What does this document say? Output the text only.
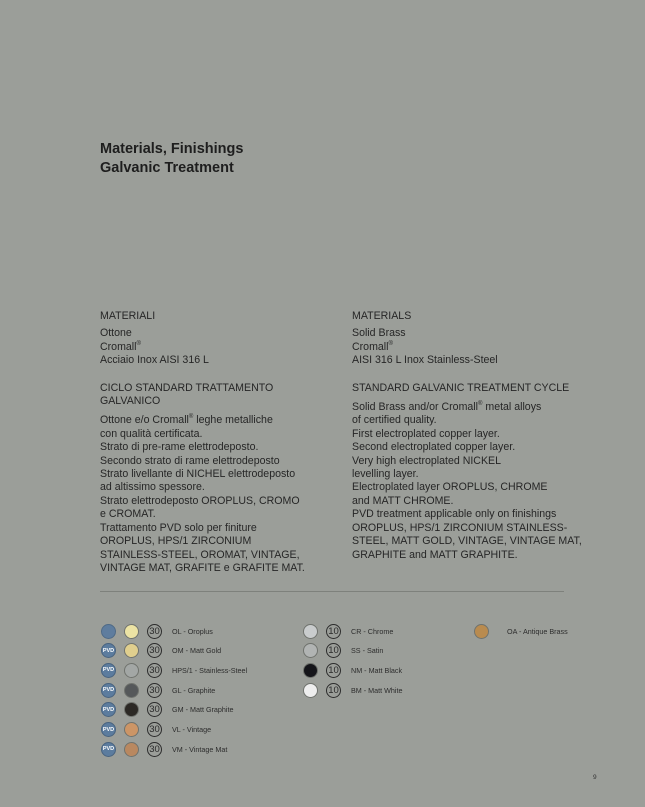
Materials, Finishings
Galvanic Treatment
MATERIALI
Ottone
Cromall®
Acciaio Inox AISI 316 L
CICLO STANDARD TRATTAMENTO GALVANICO
Ottone e/o Cromall® leghe metalliche
con qualità certificata.
Strato di pre-rame elettrodeposto.
Secondo strato di rame elettrodeposto
Strato livellante di NICHEL elettrodeposto
ad altissimo spessore.
Strato elettrodeposto OROPLUS, CROMO
e CROMAT.
Trattamento PVD solo per finiture
OROPLUS, HPS/1 ZIRCONIUM
STAINLESS-STEEL, OROMAT, VINTAGE,
VINTAGE MAT, GRAFITE e GRAFITE MAT.
MATERIALS
Solid Brass
Cromall®
AISI 316 L Inox Stainless-Steel
STANDARD GALVANIC TREATMENT CYCLE
Solid Brass and/or Cromall® metal alloys
of certified quality.
First electroplated copper layer.
Second electroplated copper layer.
Very high electroplated NICKEL
levelling layer.
Electroplated layer OROPLUS, CHROME
and MATT CHROME.
PVD treatment applicable only on finishings
OROPLUS, HPS/1 ZIRCONIUM STAINLESS-
STEEL, MATT GOLD, VINTAGE, VINTAGE MAT,
GRAPHITE and MATT GRAPHITE.
30	OL - Oroplus
PVD	30	OM - Matt Gold
PVD	30	HPS/1 - Stainless-Steel
PVD	30	GL - Graphite
PVD	30	GM - Matt Graphite
PVD	30	VL - Vintage
PVD	30	VM - Vintage Mat
10	CR - Chrome
10	SS - Satin
10	NM - Matt Black
10	BM - Matt White
OA - Antique Brass
9
